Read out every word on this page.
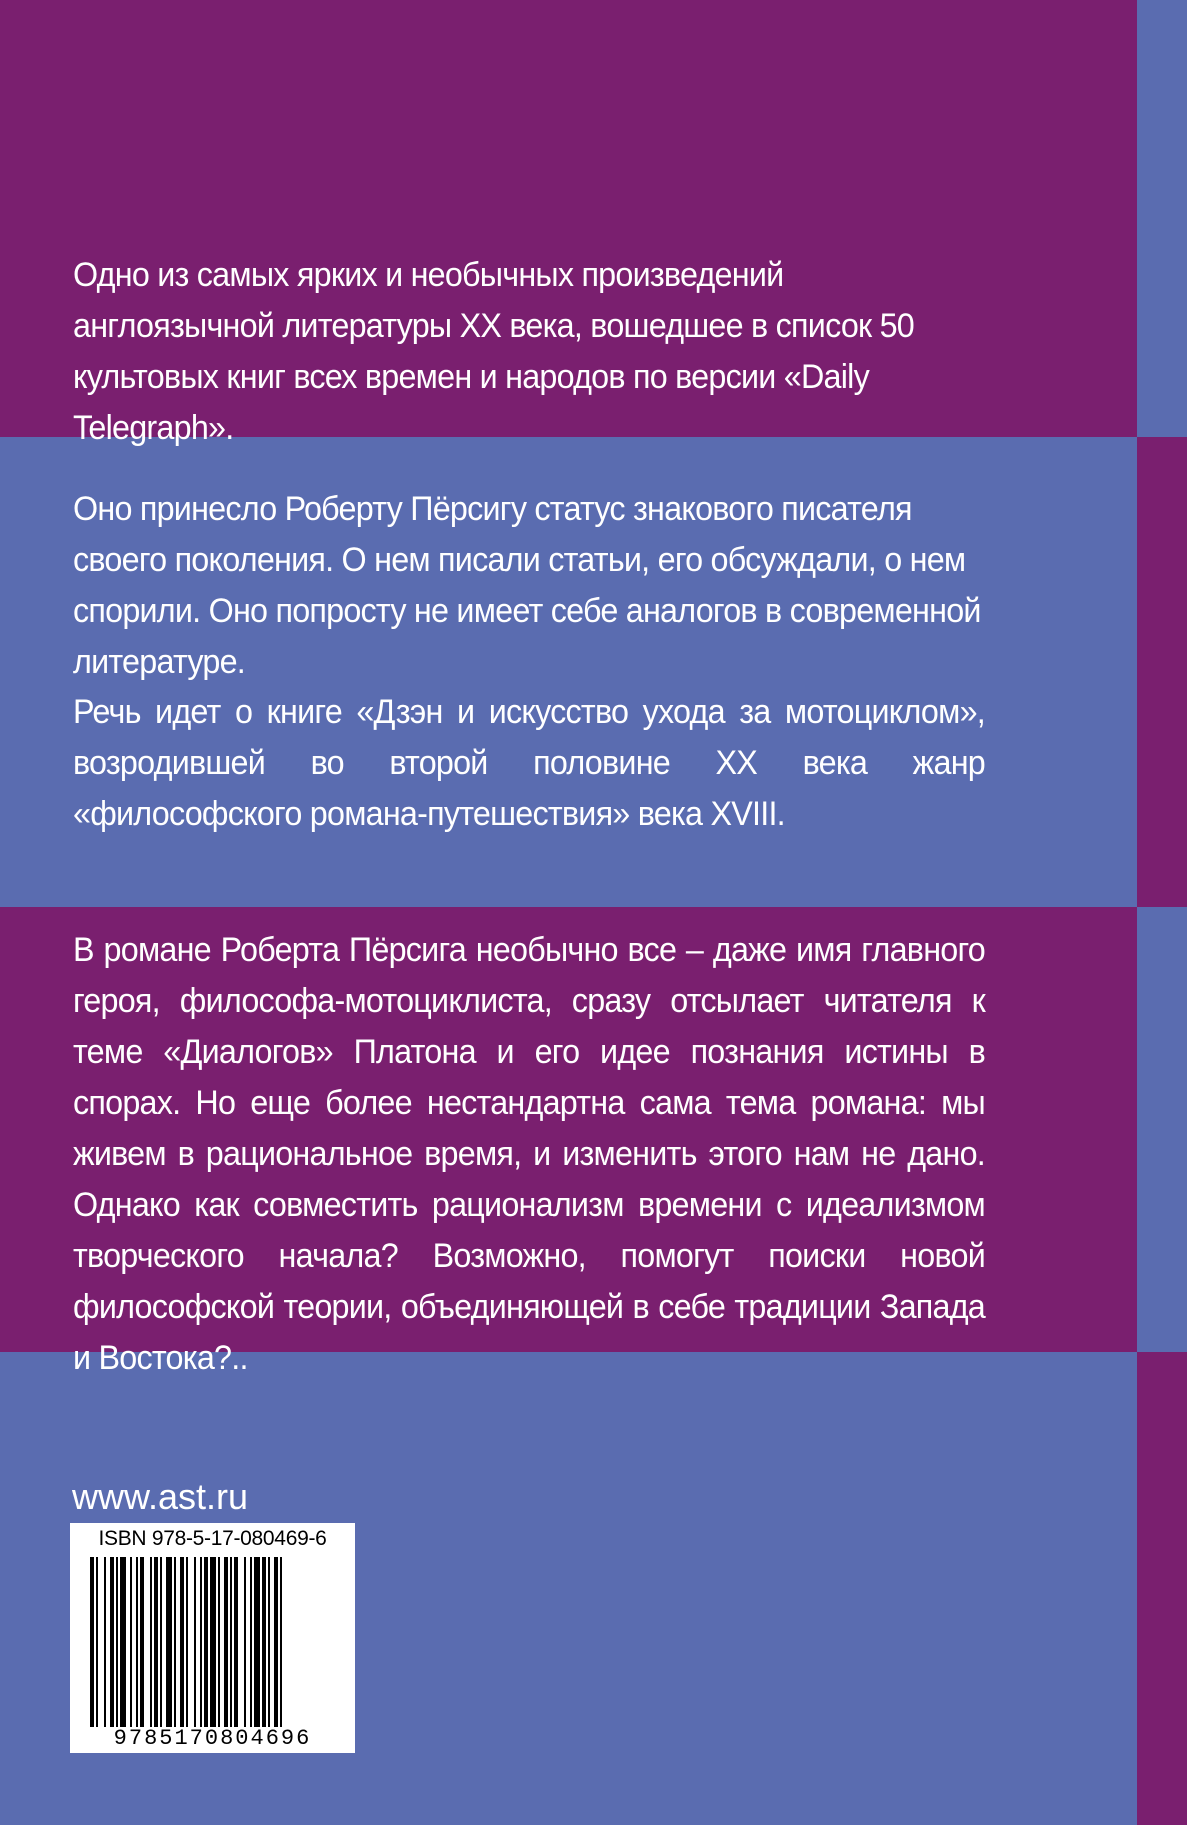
Одно из самых ярких и необычных произведений англоязычной литературы XX века, вошедшее в список 50 культовых книг всех времен и народов по версии «Daily Telegraph».

Оно принесло Роберту Пёрсигу статус знакового писателя своего поколения. О нем писали статьи, его обсуждали, о нем спорили. Оно попросту не имеет себе аналогов в современной литературе.

Речь идет о книге «Дзэн и искусство ухода за мотоциклом», возродившей во второй половине XX века жанр «философского романа-путешествия» века XVIII.

В романе Роберта Пёрсига необычно все – даже имя главного героя, философа-мотоциклиста, сразу отсылает читателя к теме «Диалогов» Платона и его идее познания истины в спорах. Но еще более нестандартна сама тема романа: мы живем в рациональное время, и изменить этого нам не дано. Однако как совместить рационализм времени с идеализмом творческого начала? Возможно, помогут поиски новой философской теории, объединяющей в себе традиции Запада и Востока?..

www.ast.ru

ISBN 978-5-17-080469-6

9785170804696
